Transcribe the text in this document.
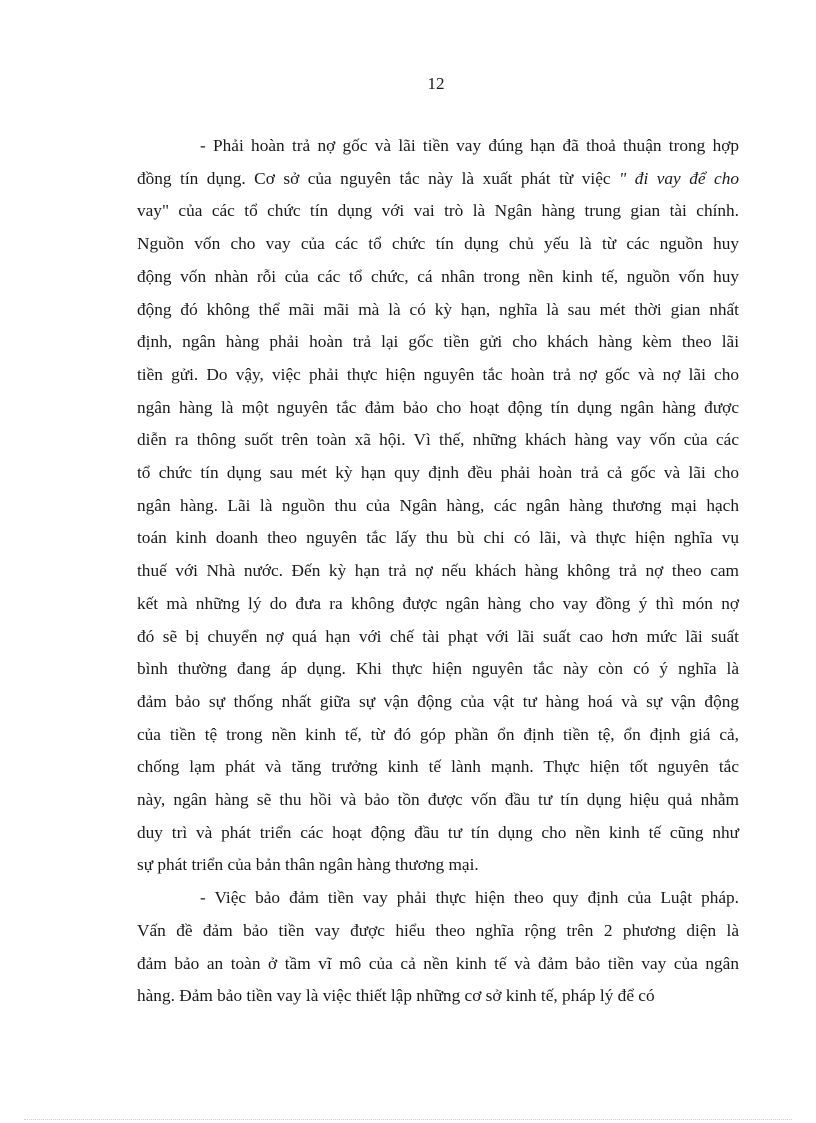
12
- Phải hoàn trả nợ gốc và lãi tiền vay đúng hạn đã thoả thuận trong hợp
đồng tín dụng. Cơ sở của nguyên tắc này là xuất phát từ việc " đi vay để cho
vay" của các tổ chức tín dụng với vai trò là Ngân hàng trung gian tài chính.
Nguồn vốn cho vay của các tổ chức tín dụng chủ yếu là từ các nguồn huy
động vốn nhàn rỗi của các tổ chức, cá nhân trong nền kinh tế, nguồn vốn huy
động đó không thể mãi mãi mà là có kỳ hạn, nghĩa là sau mét thời gian nhất
định, ngân hàng phải hoàn trả lại gốc tiền gửi cho khách hàng kèm theo lãi
tiền gửi. Do vậy, việc phải thực hiện nguyên tắc hoàn trả nợ gốc và nợ lãi cho
ngân hàng là một nguyên tắc đảm bảo cho hoạt động tín dụng ngân hàng được
diễn ra thông suốt trên toàn xã hội. Vì thế, những khách hàng vay vốn của các
tổ chức tín dụng sau mét kỳ hạn quy định đều phải hoàn trả cả gốc và lãi cho
ngân hàng. Lãi là nguồn thu của Ngân hàng, các ngân hàng thương mại hạch
toán kinh doanh theo nguyên tắc lấy thu bù chi có lãi, và thực hiện nghĩa vụ
thuế với Nhà nước. Đến kỳ hạn trả nợ nếu khách hàng không trả nợ theo cam
kết mà những lý do đưa ra không được ngân hàng cho vay đồng ý thì món nợ
đó sẽ bị chuyển nợ quá hạn với chế tài phạt với lãi suất cao hơn mức lãi suất
bình thường đang áp dụng. Khi thực hiện nguyên tắc này còn có ý nghĩa là
đảm bảo sự thống nhất giữa sự vận động của vật tư hàng hoá và sự vận động
của tiền tệ trong nền kinh tế, từ đó góp phần ổn định tiền tệ, ổn định giá cả,
chống lạm phát và tăng trưởng kinh tế lành mạnh. Thực hiện tốt nguyên tắc
này, ngân hàng sẽ thu hồi và bảo tồn được vốn đầu tư tín dụng hiệu quả nhằm
duy trì và phát triển các hoạt động đầu tư tín dụng cho nền kinh tế cũng như
sự phát triển của bản thân ngân hàng thương mại.
- Việc bảo đảm tiền vay phải thực hiện theo quy định của Luật pháp.
Vấn đề đảm bảo tiền vay được hiểu theo nghĩa rộng trên 2 phương diện là
đảm bảo an toàn ở tầm vĩ mô của cả nền kinh tế và đảm bảo tiền vay của ngân
hàng. Đảm bảo tiền vay là việc thiết lập những cơ sở kinh tế, pháp lý để có
